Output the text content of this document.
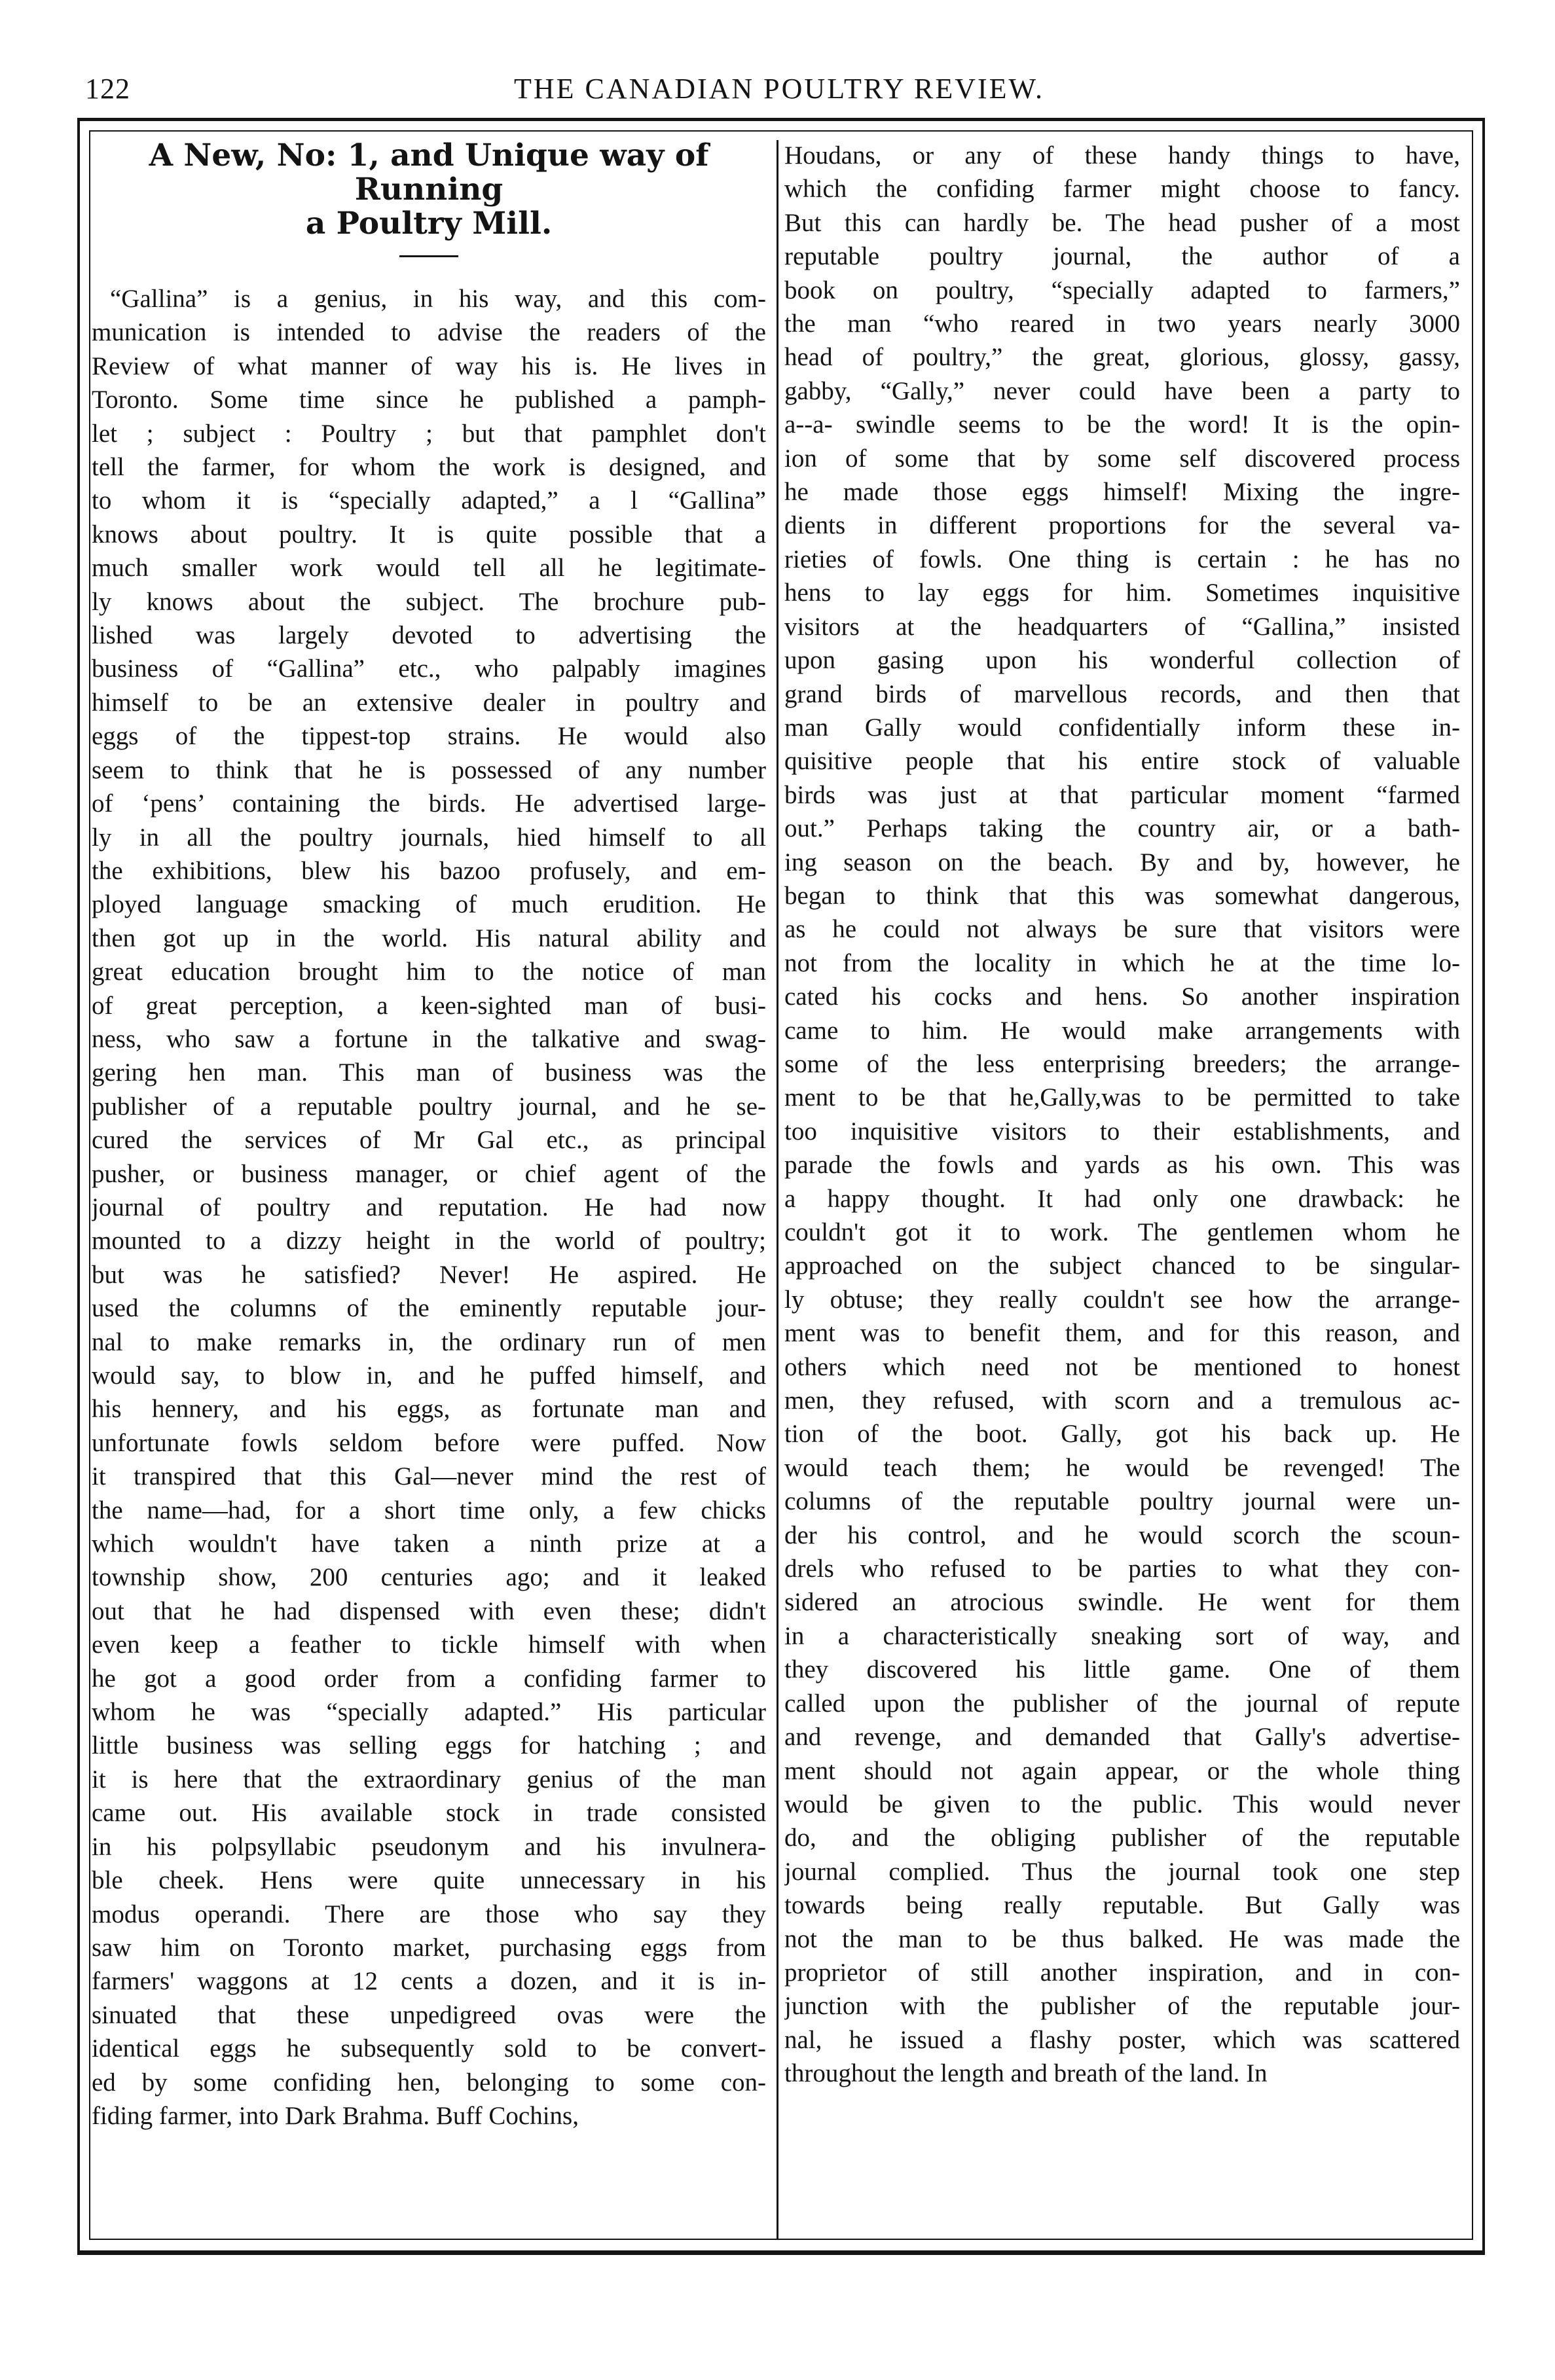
122	THE CANADIAN POULTRY REVIEW.
A New, No: 1, and Unique way of Running
a Poultry Mill.
“Gallina” is a genius, in his way, and this com-
munication is intended to advise the readers of the
Review of what manner of way his is. He lives in
Toronto. Some time since he published a pamph-
let ; subject : Poultry ; but that pamphlet don't
tell the farmer, for whom the work is designed, and
to whom it is “specially adapted,” a l “Gallina”
knows about poultry. It is quite possible that a
much smaller work would tell all he legitimate-
ly knows about the subject. The brochure pub-
lished was largely devoted to advertising the
business of “Gallina” etc., who palpably imagines
himself to be an extensive dealer in poultry and
eggs of the tippest-top strains. He would also
seem to think that he is possessed of any number
of ‘pens’ containing the birds. He advertised large-
ly in all the poultry journals, hied himself to all
the exhibitions, blew his bazoo profusely, and em-
ployed language smacking of much erudition. He
then got up in the world. His natural ability and
great education brought him to the notice of man
of great perception, a keen-sighted man of busi-
ness, who saw a fortune in the talkative and swag-
gering hen man. This man of business was the
publisher of a reputable poultry journal, and he se-
cured the services of Mr Gal etc., as principal
pusher, or business manager, or chief agent of the
journal of poultry and reputation. He had now
mounted to a dizzy height in the world of poultry;
but was he satisfied? Never! He aspired. He
used the columns of the eminently reputable jour-
nal to make remarks in, the ordinary run of men
would say, to blow in, and he puffed himself, and
his hennery, and his eggs, as fortunate man and
unfortunate fowls seldom before were puffed. Now
it transpired that this Gal—never mind the rest of
the name—had, for a short time only, a few chicks
which wouldn't have taken a ninth prize at a
township show, 200 centuries ago; and it leaked
out that he had dispensed with even these; didn't
even keep a feather to tickle himself with when
he got a good order from a confiding farmer to
whom he was “specially adapted.” His particular
little business was selling eggs for hatching ; and
it is here that the extraordinary genius of the man
came out. His available stock in trade consisted
in his polpsyllabic pseudonym and his invulnera-
ble cheek. Hens were quite unnecessary in his
modus operandi. There are those who say they
saw him on Toronto market, purchasing eggs from
farmers' waggons at 12 cents a dozen, and it is in-
sinuated that these unpedigreed ovas were the
identical eggs he subsequently sold to be convert-
ed by some confiding hen, belonging to some con-
fiding farmer, into Dark Brahma. Buff Cochins,
Houdans, or any of these handy things to have,
which the confiding farmer might choose to fancy.
But this can hardly be. The head pusher of a most
reputable poultry journal, the author of a
book on poultry, “specially adapted to farmers,”
the man “who reared in two years nearly 3000
head of poultry,” the great, glorious, glossy, gassy,
gabby, “Gally,” never could have been a party to
a--a- swindle seems to be the word! It is the opin-
ion of some that by some self discovered process
he made those eggs himself! Mixing the ingre-
dients in different proportions for the several va-
rieties of fowls. One thing is certain : he has no
hens to lay eggs for him. Sometimes inquisitive
visitors at the headquarters of “Gallina,” insisted
upon gasing upon his wonderful collection of
grand birds of marvellous records, and then that
man Gally would confidentially inform these in-
quisitive people that his entire stock of valuable
birds was just at that particular moment “farmed
out.” Perhaps taking the country air, or a bath-
ing season on the beach. By and by, however, he
began to think that this was somewhat dangerous,
as he could not always be sure that visitors were
not from the locality in which he at the time lo-
cated his cocks and hens. So another inspiration
came to him. He would make arrangements with
some of the less enterprising breeders; the arrange-
ment to be that he,Gally,was to be permitted to take
too inquisitive visitors to their establishments, and
parade the fowls and yards as his own. This was
a happy thought. It had only one drawback: he
couldn't got it to work. The gentlemen whom he
approached on the subject chanced to be singular-
ly obtuse; they really couldn't see how the arrange-
ment was to benefit them, and for this reason, and
others which need not be mentioned to honest
men, they refused, with scorn and a tremulous ac-
tion of the boot. Gally, got his back up. He
would teach them; he would be revenged! The
columns of the reputable poultry journal were un-
der his control, and he would scorch the scoun-
drels who refused to be parties to what they con-
sidered an atrocious swindle. He went for them
in a characteristically sneaking sort of way, and
they discovered his little game. One of them
called upon the publisher of the journal of repute
and revenge, and demanded that Gally's advertise-
ment should not again appear, or the whole thing
would be given to the public. This would never
do, and the obliging publisher of the reputable
journal complied. Thus the journal took one step
towards being really reputable. But Gally was
not the man to be thus balked. He was made the
proprietor of still another inspiration, and in con-
junction with the publisher of the reputable jour-
nal, he issued a flashy poster, which was scattered
throughout the length and breath of the land. In
